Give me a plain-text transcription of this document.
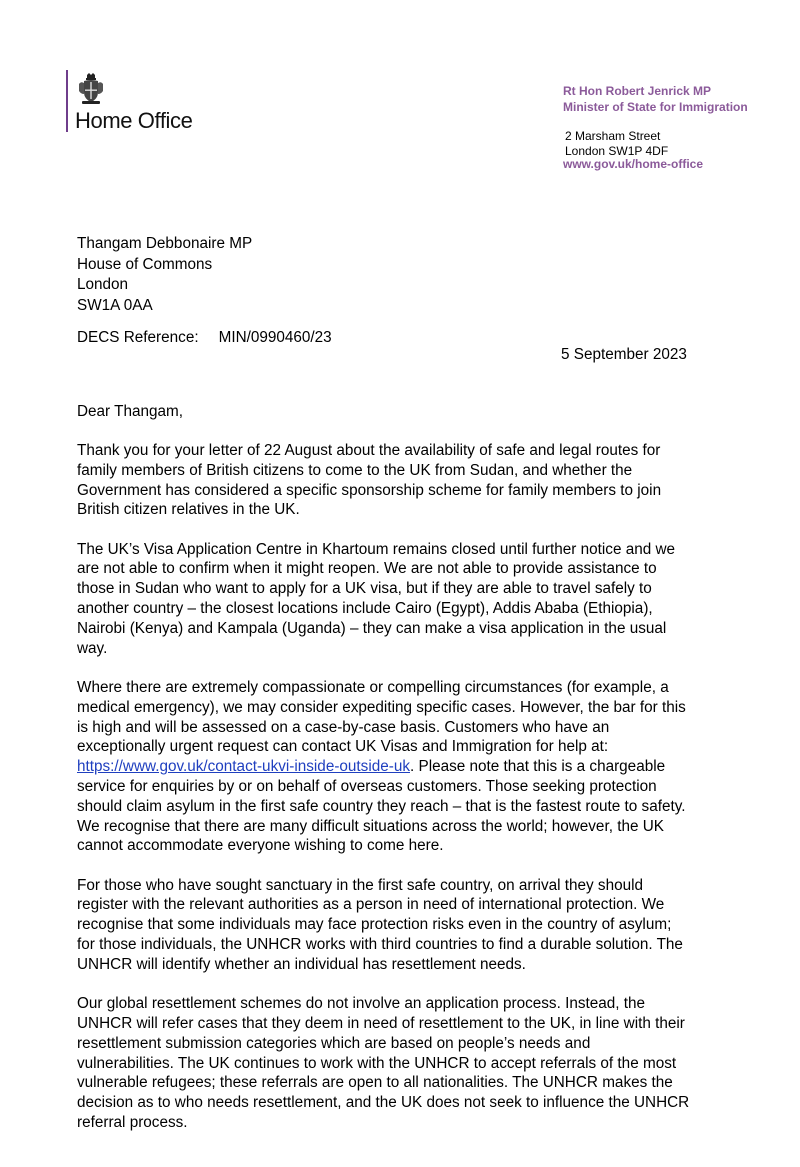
Home Office
Rt Hon Robert Jenrick MP
Minister of State for Immigration
2 Marsham Street
London SW1P 4DF
www.gov.uk/home-office
Thangam Debbonaire MP
House of Commons
London
SW1A 0AA
DECS Reference: MIN/0990460/23
5 September 2023
Dear Thangam,

Thank you for your letter of 22 August about the availability of safe and legal routes for
family members of British citizens to come to the UK from Sudan, and whether the
Government has considered a specific sponsorship scheme for family members to join
British citizen relatives in the UK.

The UK’s Visa Application Centre in Khartoum remains closed until further notice and we
are not able to confirm when it might reopen. We are not able to provide assistance to
those in Sudan who want to apply for a UK visa, but if they are able to travel safely to
another country – the closest locations include Cairo (Egypt), Addis Ababa (Ethiopia),
Nairobi (Kenya) and Kampala (Uganda) – they can make a visa application in the usual
way.

Where there are extremely compassionate or compelling circumstances (for example, a
medical emergency), we may consider expediting specific cases. However, the bar for this
is high and will be assessed on a case-by-case basis. Customers who have an
exceptionally urgent request can contact UK Visas and Immigration for help at:
https://www.gov.uk/contact-ukvi-inside-outside-uk. Please note that this is a chargeable
service for enquiries by or on behalf of overseas customers. Those seeking protection
should claim asylum in the first safe country they reach – that is the fastest route to safety.
We recognise that there are many difficult situations across the world; however, the UK
cannot accommodate everyone wishing to come here.

For those who have sought sanctuary in the first safe country, on arrival they should
register with the relevant authorities as a person in need of international protection. We
recognise that some individuals may face protection risks even in the country of asylum;
for those individuals, the UNHCR works with third countries to find a durable solution. The
UNHCR will identify whether an individual has resettlement needs.

Our global resettlement schemes do not involve an application process. Instead, the
UNHCR will refer cases that they deem in need of resettlement to the UK, in line with their
resettlement submission categories which are based on people’s needs and
vulnerabilities. The UK continues to work with the UNHCR to accept referrals of the most
vulnerable refugees; these referrals are open to all nationalities. The UNHCR makes the
decision as to who needs resettlement, and the UK does not seek to influence the UNHCR
referral process.
